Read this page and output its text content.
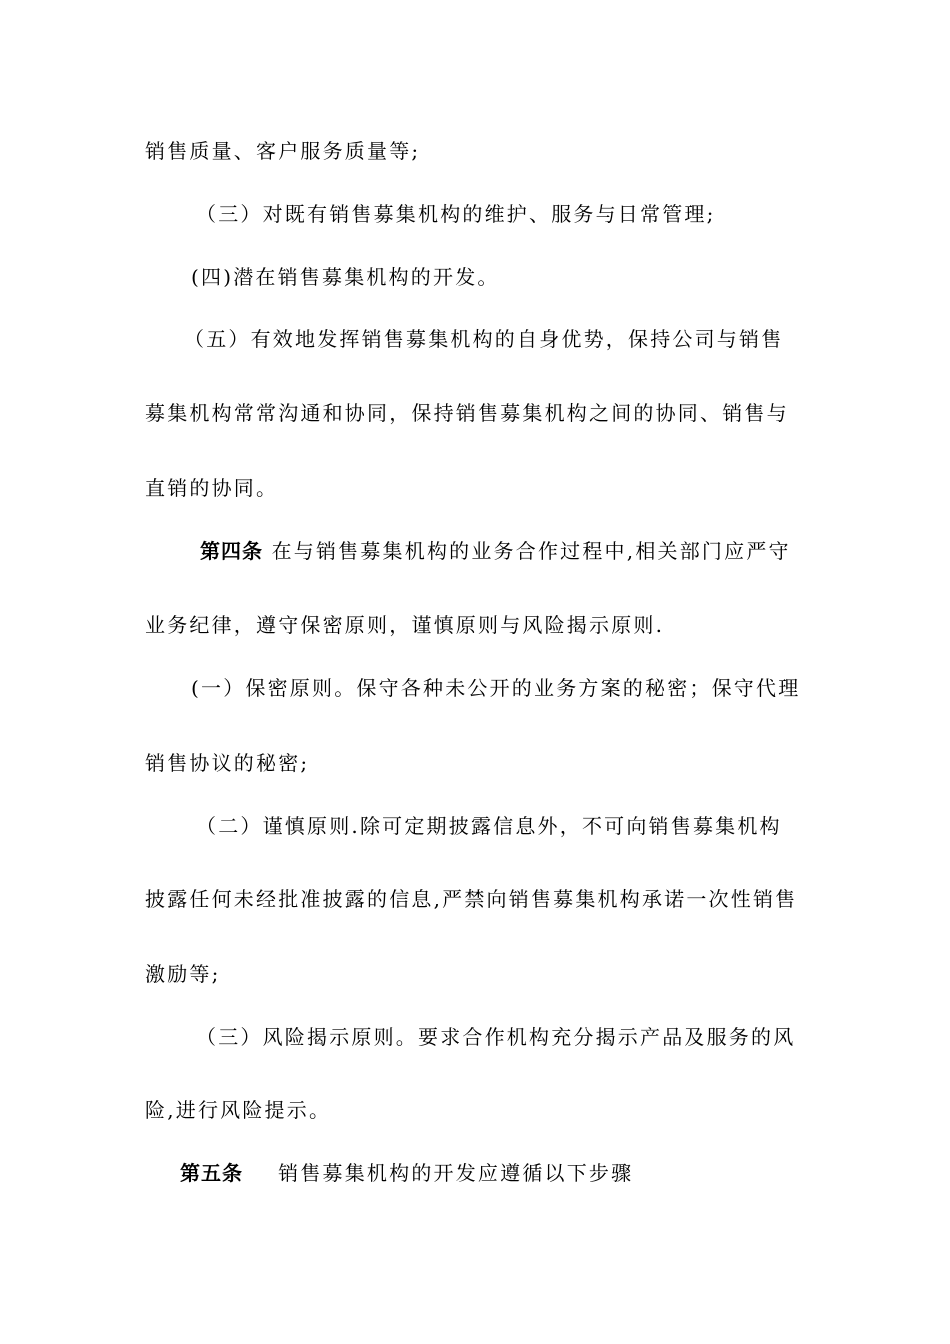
销售质量、客户服务质量等;
（三）对既有销售募集机构的维护、服务与日常管理;
(四)潜在销售募集机构的开发。
（五）有效地发挥销售募集机构的自身优势，保持公司与销售
募集机构常常沟通和协同，保持销售募集机构之间的协同、销售与
直销的协同。
第四条 在与销售募集机构的业务合作过程中,相关部门应严守
业务纪律，遵守保密原则，谨慎原则与风险揭示原则.
(一）保密原则。保守各种未公开的业务方案的秘密；保守代理
销售协议的秘密;
（二）谨慎原则.除可定期披露信息外，不可向销售募集机构
披露任何未经批准披露的信息,严禁向销售募集机构承诺一次性销售
激励等;
（三）风险揭示原则。要求合作机构充分揭示产品及服务的风
险,进行风险提示。
第五条 销售募集机构的开发应遵循以下步骤
